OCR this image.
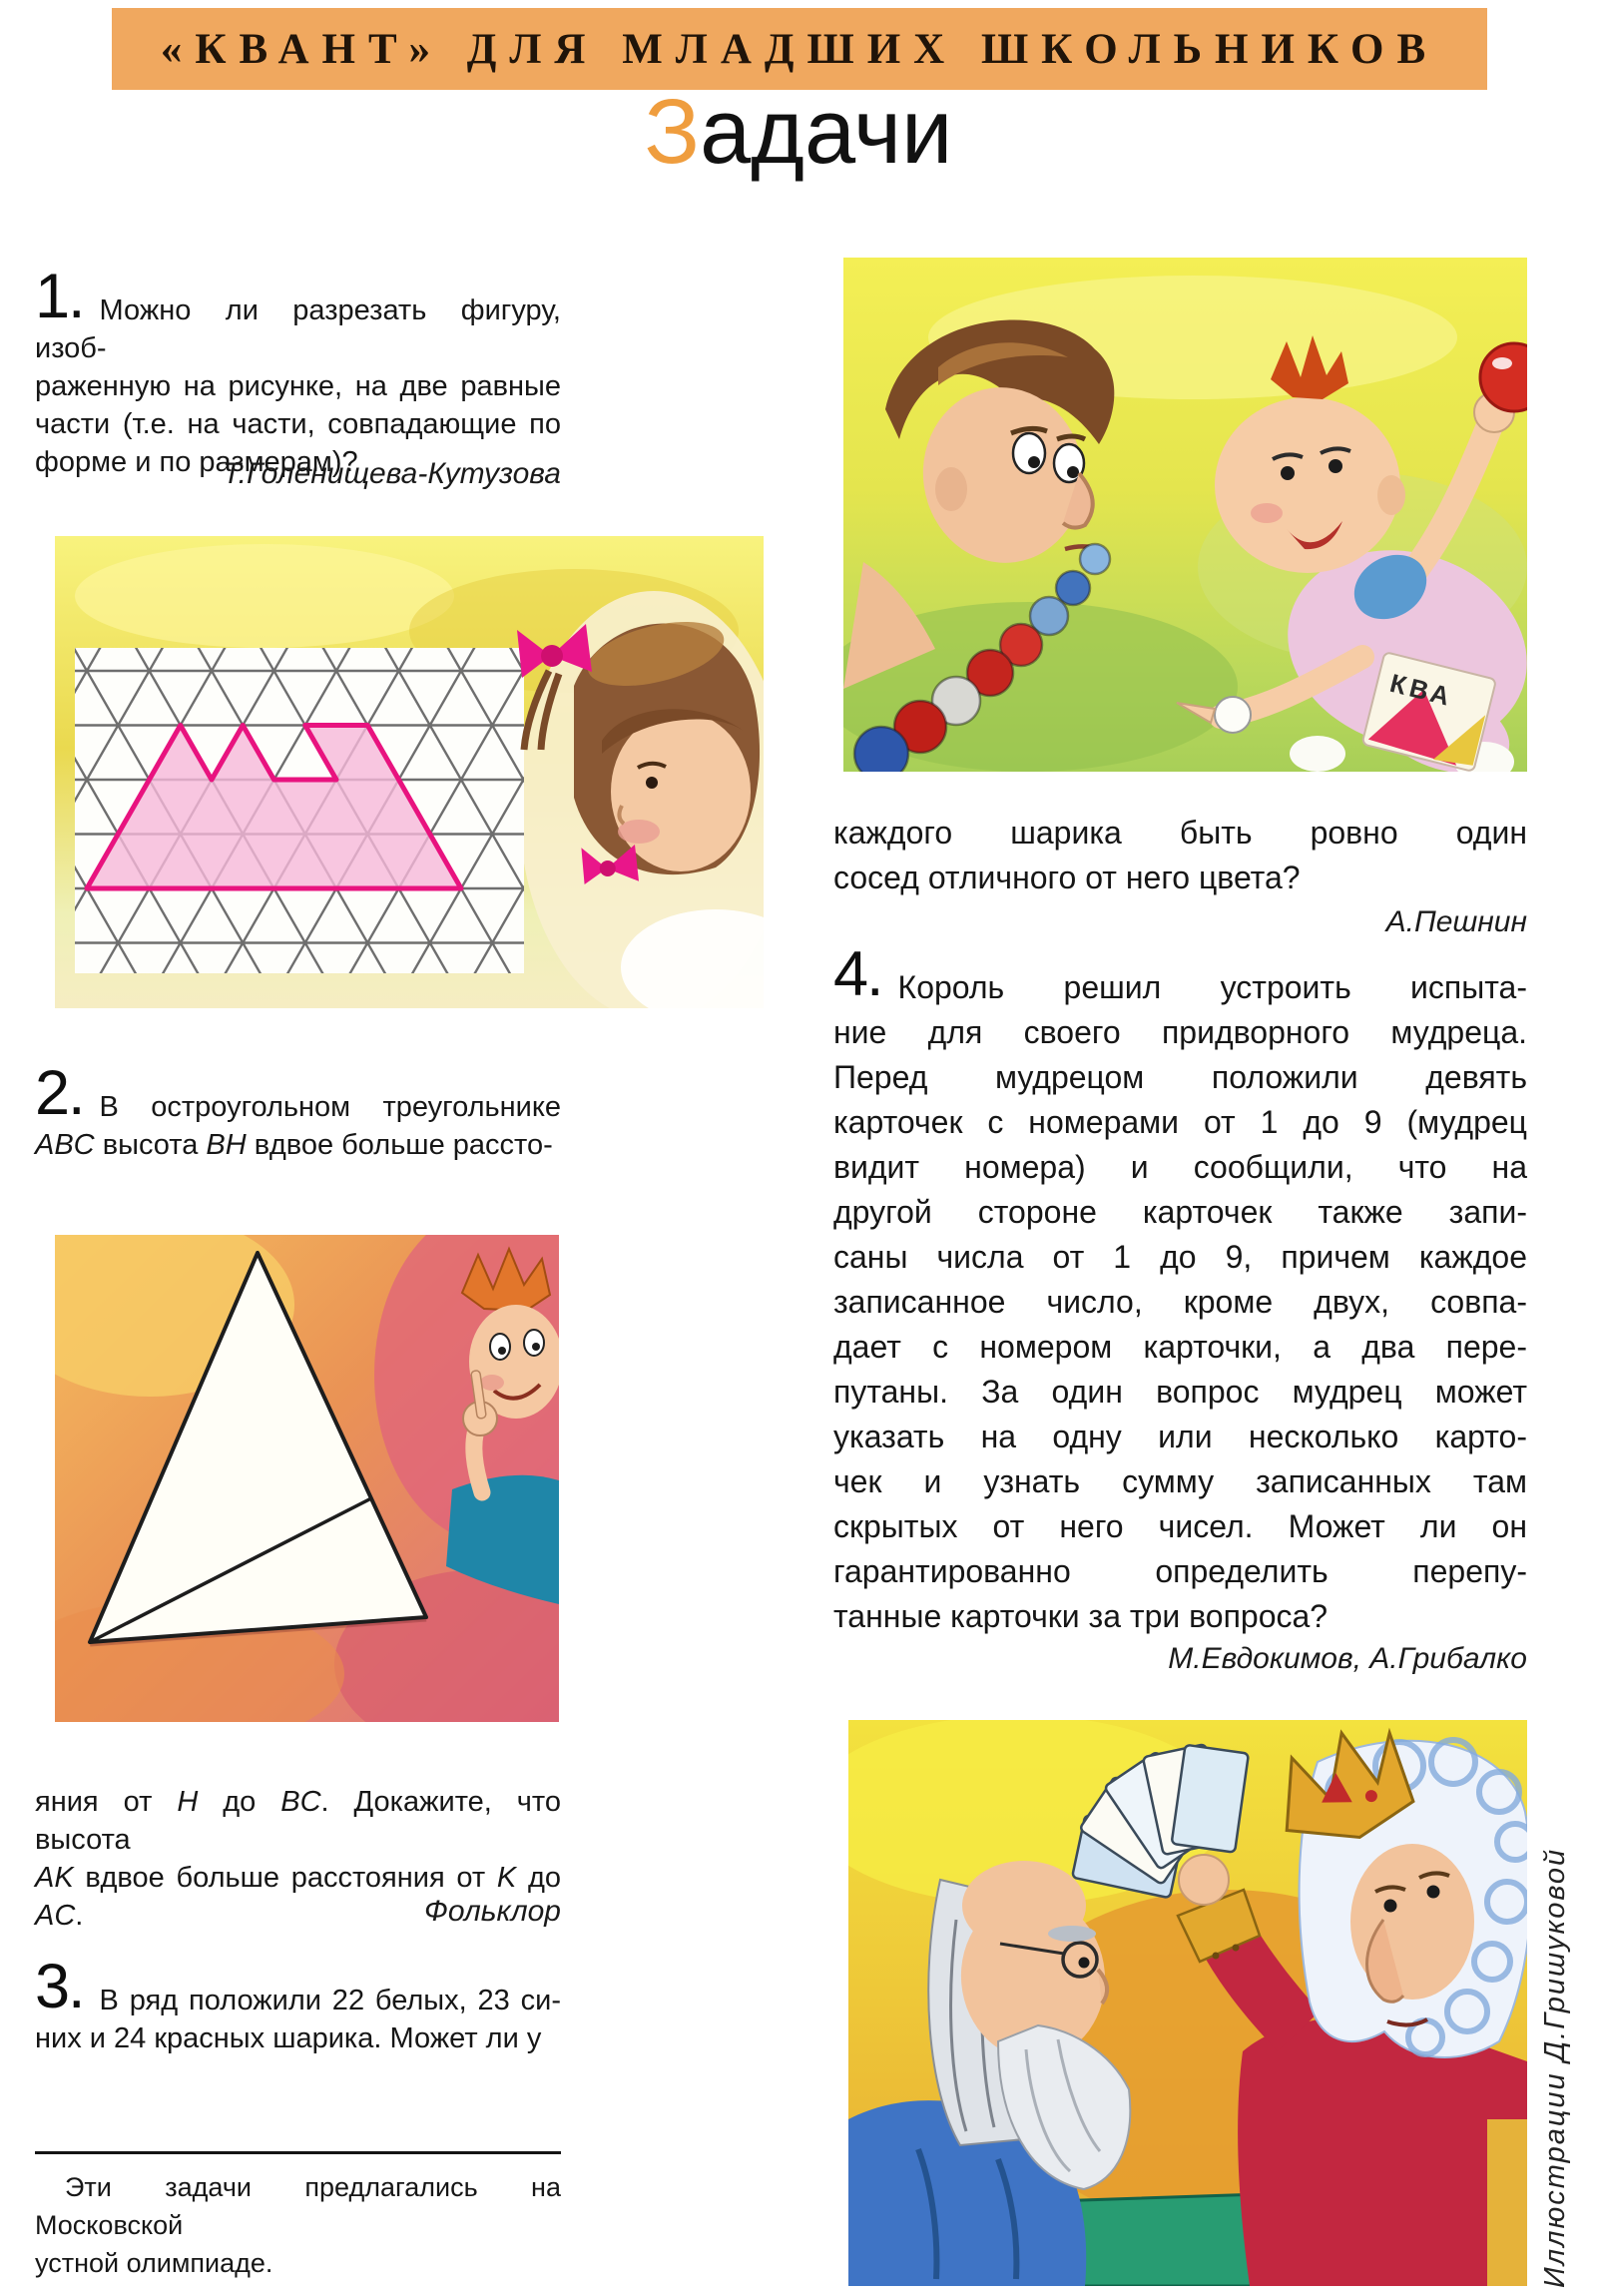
«КВАНТ» ДЛЯ МЛАДШИХ ШКОЛЬНИКОВ
Задачи
1. Можно ли разрезать фигуру, изоб-
раженную на рисунке, на две равные
части (т.е. на части, совпадающие по
форме и по размерам)?
Т.Голенищева-Кутузова
2. В остроугольном треугольнике
ABC высота BH вдвое больше рассто-
яния от H до BC. Докажите, что высота
AK вдвое больше расстояния от K до
AC.	Фольклор
3. В ряд положили 22 белых, 23 си-
них и 24 красных шарика. Может ли у
Эти задачи предлагались на Московской
устной олимпиаде.
КВА
каждого шарика быть ровно один
сосед отличного от него цвета?
А.Пешнин
4. Король решил устроить испыта-
ние для своего придворного мудреца.
Перед мудрецом положили девять
карточек с номерами от 1 до 9 (мудрец
видит номера) и сообщили, что на
другой стороне карточек также запи-
саны числа от 1 до 9, причем каждое
записанное число, кроме двух, совпа-
дает с номером карточки, а два пере-
путаны. За один вопрос мудрец может
указать на одну или несколько карто-
чек и узнать сумму записанных там
скрытых от него чисел. Может ли он
гарантированно определить перепу-
танные карточки за три вопроса?
М.Евдокимов, А.Грибалко
Иллюстрации Д.Гришуковой
